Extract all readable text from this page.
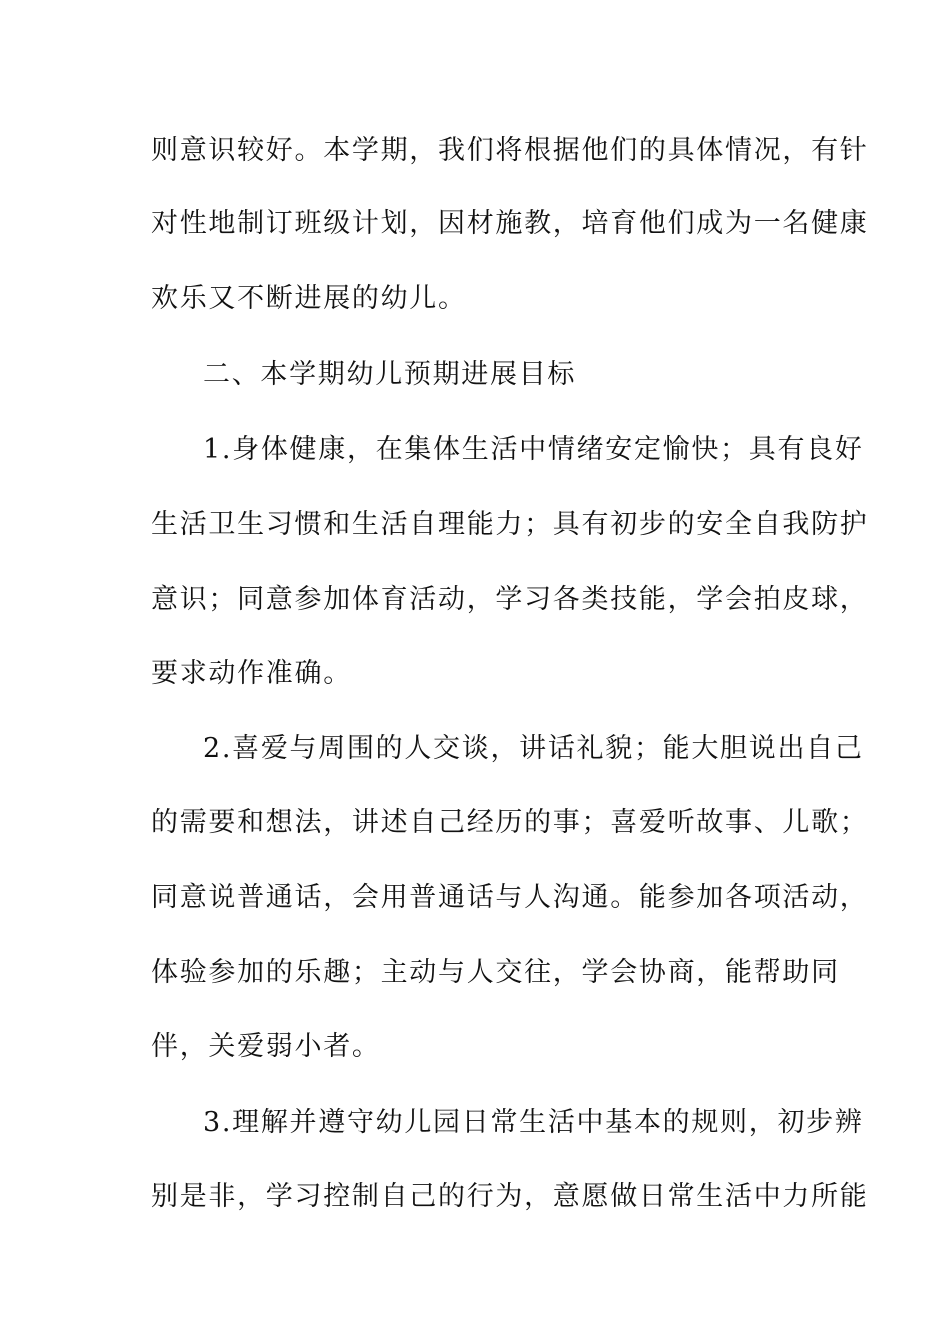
则意识较好。本学期，我们将根据他们的具体情况，有针
对性地制订班级计划，因材施教，培育他们成为一名健康
欢乐又不断进展的幼儿。
二、本学期幼儿预期进展目标
1.身体健康，在集体生活中情绪安定愉快；具有良好
生活卫生习惯和生活自理能力；具有初步的安全自我防护
意识；同意参加体育活动，学习各类技能，学会拍皮球，
要求动作准确。
2.喜爱与周围的人交谈，讲话礼貌；能大胆说出自己
的需要和想法，讲述自己经历的事；喜爱听故事、儿歌；
同意说普通话，会用普通话与人沟通。能参加各项活动，
体验参加的乐趣；主动与人交往，学会协商，能帮助同
伴，关爱弱小者。
3.理解并遵守幼儿园日常生活中基本的规则，初步辨
别是非，学习控制自己的行为，意愿做日常生活中力所能
